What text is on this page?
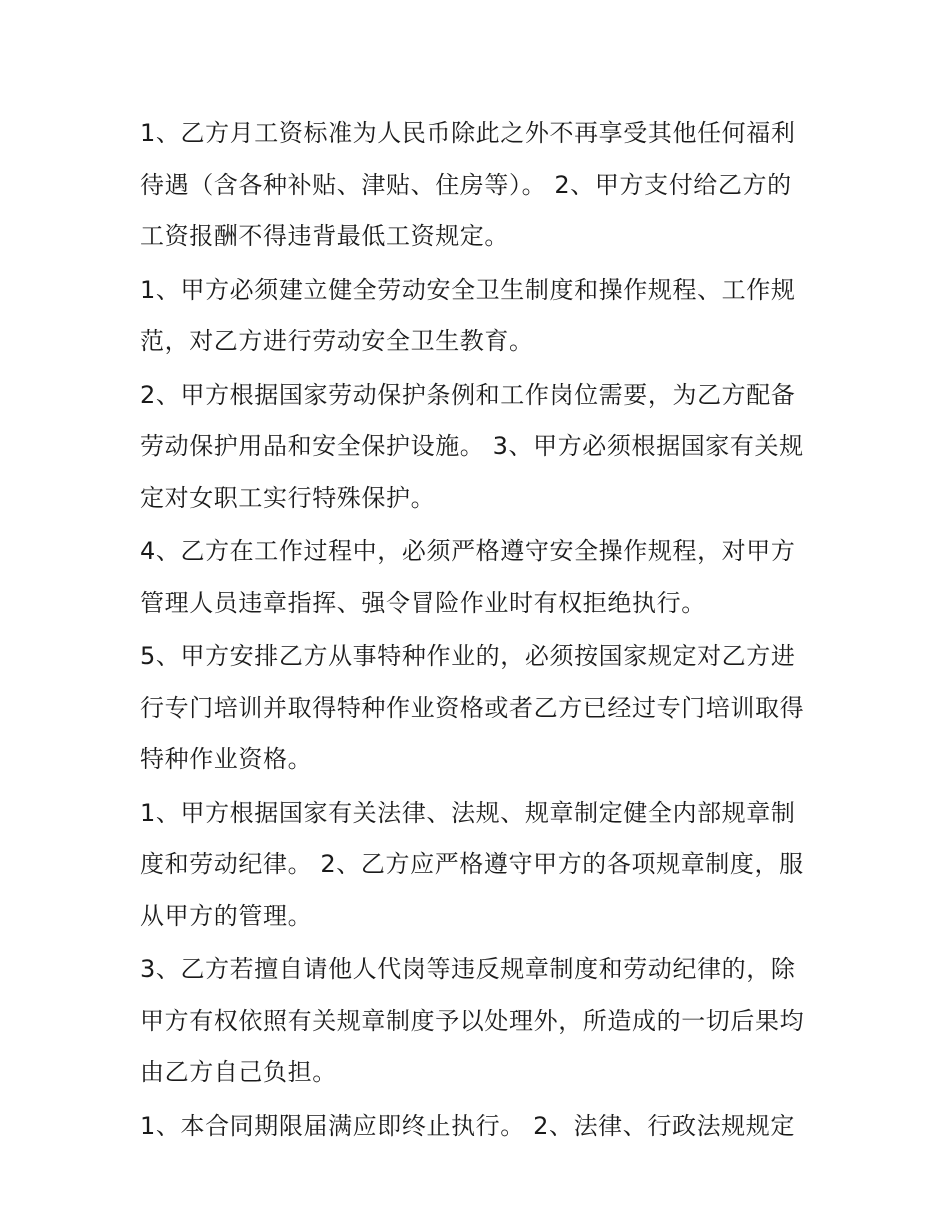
1、乙方月工资标准为人民币除此之外不再享受其他任何福利待遇（含各种补贴、津贴、住房等）。 2、甲方支付给乙方的工资报酬不得违背最低工资规定。

1、甲方必须建立健全劳动安全卫生制度和操作规程、工作规范，对乙方进行劳动安全卫生教育。

2、甲方根据国家劳动保护条例和工作岗位需要，为乙方配备劳动保护用品和安全保护设施。 3、甲方必须根据国家有关规定对女职工实行特殊保护。

4、乙方在工作过程中，必须严格遵守安全操作规程，对甲方管理人员违章指挥、强令冒险作业时有权拒绝执行。

5、甲方安排乙方从事特种作业的，必须按国家规定对乙方进行专门培训并取得特种作业资格或者乙方已经过专门培训取得特种作业资格。

1、甲方根据国家有关法律、法规、规章制定健全内部规章制度和劳动纪律。 2、乙方应严格遵守甲方的各项规章制度，服从甲方的管理。

3、乙方若擅自请他人代岗等违反规章制度和劳动纪律的，除甲方有权依照有关规章制度予以处理外，所造成的一切后果均由乙方自己负担。

1、本合同期限届满应即终止执行。 2、法律、行政法规规定
